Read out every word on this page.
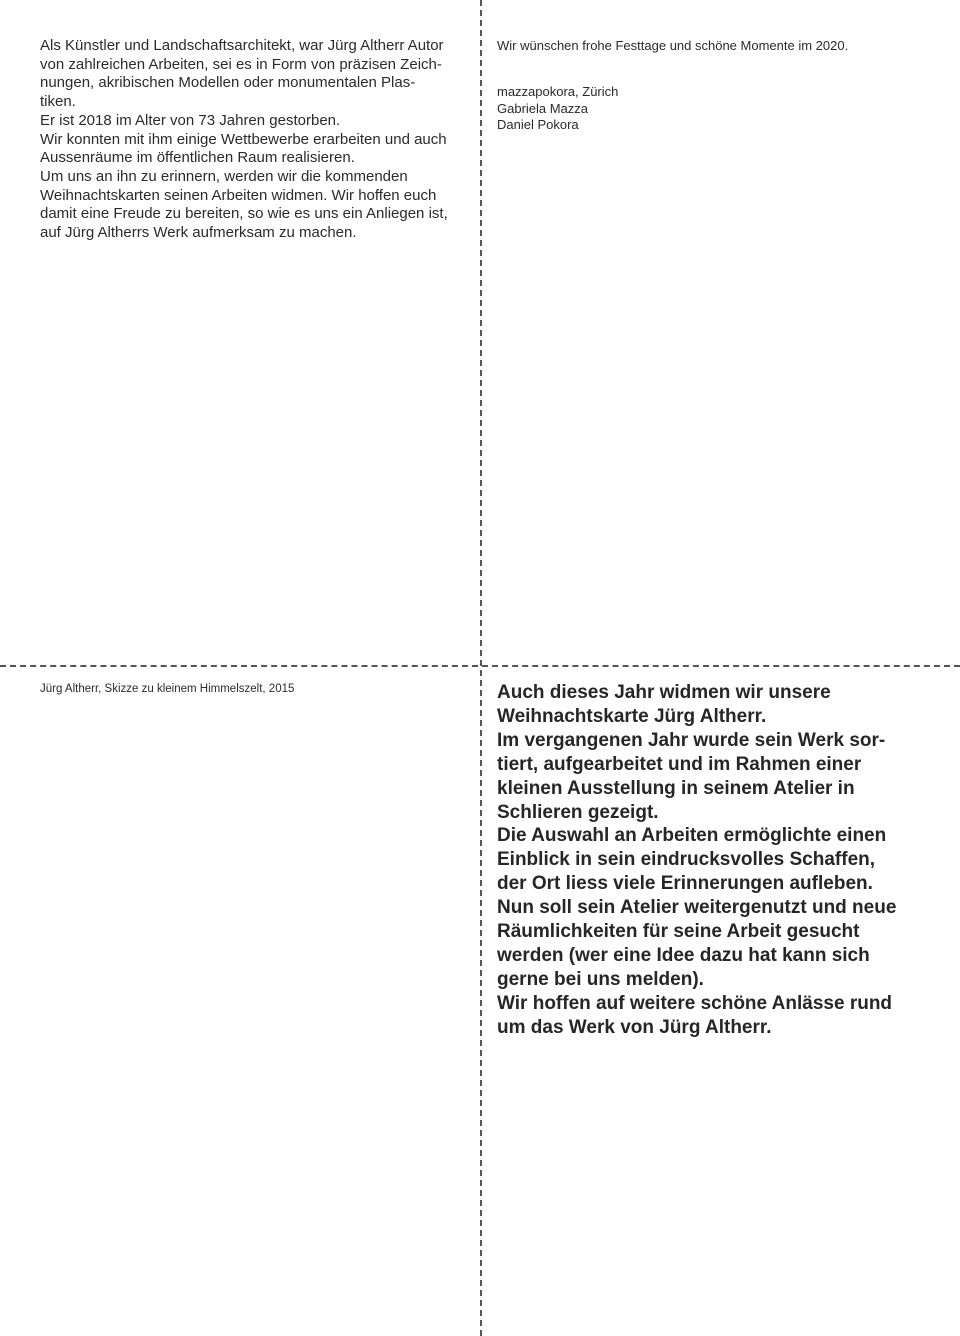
Als Künstler und Landschaftsarchitekt, war Jürg Altherr Autor
von zahlreichen Arbeiten, sei es in Form von präzisen Zeich-
nungen, akribischen Modellen oder monumentalen Plas-
tiken.
Er ist 2018 im Alter von 73 Jahren gestorben.
Wir konnten mit ihm einige Wettbewerbe erarbeiten und auch
Aussenräume im öffentlichen Raum realisieren.
Um uns an ihn zu erinnern, werden wir die kommenden
Weihnachtskarten seinen Arbeiten widmen. Wir hoffen euch
damit eine Freude zu bereiten, so wie es uns ein Anliegen ist,
auf Jürg Altherrs Werk aufmerksam zu machen.
Wir wünschen frohe Festtage und schöne Momente im 2020.
mazzapokora, Zürich
Gabriela Mazza
Daniel Pokora
Jürg Altherr, Skizze zu kleinem Himmelszelt, 2015	Auch dieses Jahr widmen wir unsere
Weihnachtskarte Jürg Altherr.
Im vergangenen Jahr wurde sein Werk sor-
tiert, aufgearbeitet und im Rahmen einer
kleinen Ausstellung in seinem Atelier in
Schlieren gezeigt.
Die Auswahl an Arbeiten ermöglichte einen
Einblick in sein eindrucksvolles Schaffen,
der Ort liess viele Erinnerungen aufleben.
Nun soll sein Atelier weitergenutzt und neue
Räumlichkeiten für seine Arbeit gesucht
werden (wer eine Idee dazu hat kann sich
gerne bei uns melden).
Wir hoffen auf weitere schöne Anlässe rund
um das Werk von Jürg Altherr.
